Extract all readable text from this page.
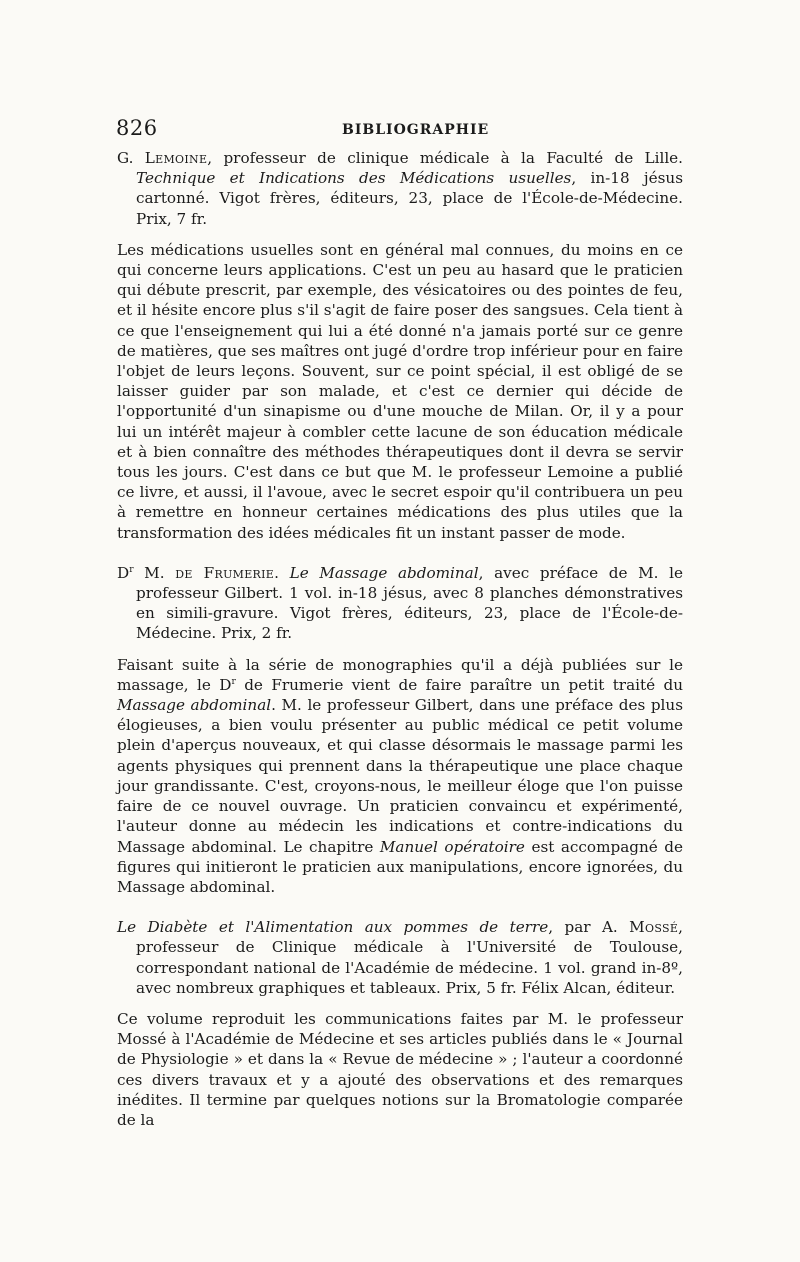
826	BIBLIOGRAPHIE

G. Lemoine, professeur de clinique médicale à la Faculté de Lille. Technique et Indications des Médications usuelles, in-18 jésus cartonné. Vigot frères, éditeurs, 23, place de l'École-de-Médecine. Prix, 7 fr.

Les médications usuelles sont en général mal connues, du moins en ce qui concerne leurs applications. C'est un peu au hasard que le praticien qui débute prescrit, par exemple, des vésicatoires ou des pointes de feu, et il hésite encore plus s'il s'agit de faire poser des sangsues. Cela tient à ce que l'enseignement qui lui a été donné n'a jamais porté sur ce genre de matières, que ses maîtres ont jugé d'ordre trop inférieur pour en faire l'objet de leurs leçons. Souvent, sur ce point spécial, il est obligé de se laisser guider par son malade, et c'est ce dernier qui décide de l'opportunité d'un sinapisme ou d'une mouche de Milan. Or, il y a pour lui un intérêt majeur à combler cette lacune de son éducation médicale et à bien connaître des méthodes thérapeutiques dont il devra se servir tous les jours. C'est dans ce but que M. le professeur Lemoine a publié ce livre, et aussi, il l'avoue, avec le secret espoir qu'il contribuera un peu à remettre en honneur certaines médications des plus utiles que la transformation des idées médicales fit un instant passer de mode.

$D^r$ M. de Frumerie. Le Massage abdominal, avec préface de M. le professeur Gilbert. 1 vol. in-18 jésus, avec 8 planches démonstratives en simili-gravure. Vigot frères, éditeurs, 23, place de l'École-de-Médecine. Prix, 2 fr.

Faisant suite à la série de monographies qu'il a déjà publiées sur le massage, le $D^r$ de Frumerie vient de faire paraître un petit traité du Massage abdominal. M. le professeur Gilbert, dans une préface des plus élogieuses, a bien voulu présenter au public médical ce petit volume plein d'aperçus nouveaux, et qui classe désormais le massage parmi les agents physiques qui prennent dans la thérapeutique une place chaque jour grandissante. C'est, croyons-nous, le meilleur éloge que l'on puisse faire de ce nouvel ouvrage. Un praticien convaincu et expérimenté, l'auteur donne au médecin les indications et contre-indications du Massage abdominal. Le chapitre Manuel opératoire est accompagné de figures qui initieront le praticien aux manipulations, encore ignorées, du Massage abdominal.

Le Diabète et l'Alimentation aux pommes de terre, par A. Mossé, professeur de Clinique médicale à l'Université de Toulouse, correspondant national de l'Académie de médecine. 1 vol. grand in-8º, avec nombreux graphiques et tableaux. Prix, 5 fr. Félix Alcan, éditeur.

Ce volume reproduit les communications faites par M. le professeur Mossé à l'Académie de Médecine et ses articles publiés dans le « Journal de Physiologie » et dans la « Revue de médecine » ; l'auteur a coordonné ces divers travaux et y a ajouté des observations et des remarques inédites. Il termine par quelques notions sur la Bromatologie comparée de la
